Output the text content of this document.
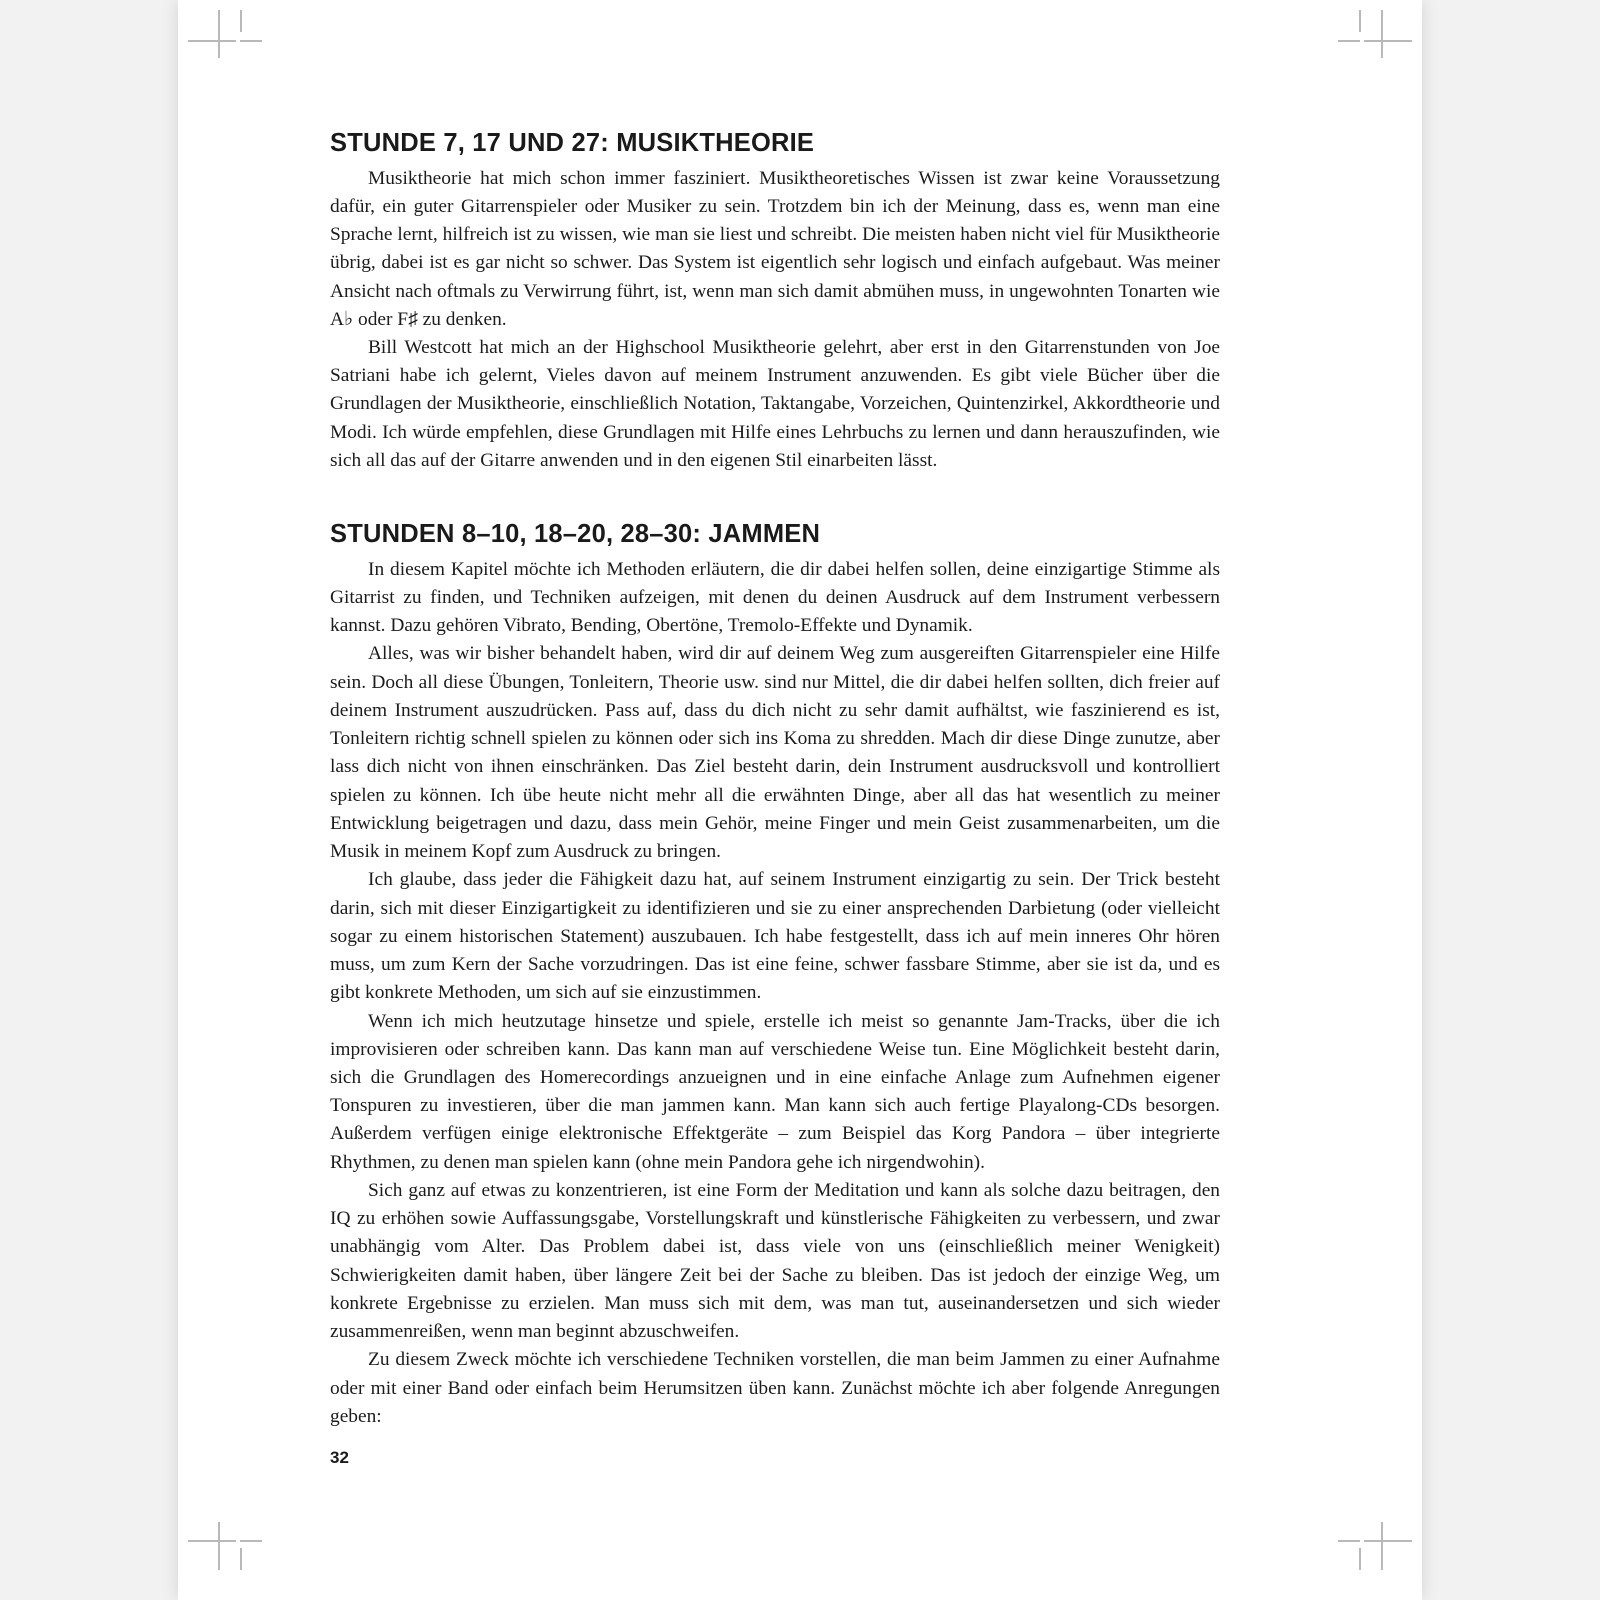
STUNDE 7, 17 UND 27: MUSIKTHEORIE

Musiktheorie hat mich schon immer fasziniert. Musiktheoretisches Wissen ist zwar keine Voraussetzung dafür, ein guter Gitarrenspieler oder Musiker zu sein. Trotzdem bin ich der Meinung, dass es, wenn man eine Sprache lernt, hilfreich ist zu wissen, wie man sie liest und schreibt. Die meisten haben nicht viel für Musiktheorie übrig, dabei ist es gar nicht so schwer. Das System ist eigentlich sehr logisch und einfach aufgebaut. Was meiner Ansicht nach oftmals zu Verwirrung führt, ist, wenn man sich damit abmühen muss, in ungewohnten Tonarten wie A♭ oder F♯ zu denken.

Bill Westcott hat mich an der Highschool Musiktheorie gelehrt, aber erst in den Gitarrenstunden von Joe Satriani habe ich gelernt, Vieles davon auf meinem Instrument anzuwenden. Es gibt viele Bücher über die Grundlagen der Musiktheorie, einschließlich Notation, Taktangabe, Vorzeichen, Quintenzirkel, Akkordtheorie und Modi. Ich würde empfehlen, diese Grundlagen mit Hilfe eines Lehrbuchs zu lernen und dann herauszufinden, wie sich all das auf der Gitarre anwenden und in den eigenen Stil einarbeiten lässt.

STUNDEN 8–10, 18–20, 28–30: JAMMEN

In diesem Kapitel möchte ich Methoden erläutern, die dir dabei helfen sollen, deine einzigartige Stimme als Gitarrist zu finden, und Techniken aufzeigen, mit denen du deinen Ausdruck auf dem Instrument verbessern kannst. Dazu gehören Vibrato, Bending, Obertöne, Tremolo-Effekte und Dynamik.

Alles, was wir bisher behandelt haben, wird dir auf deinem Weg zum ausgereiften Gitarrenspieler eine Hilfe sein. Doch all diese Übungen, Tonleitern, Theorie usw. sind nur Mittel, die dir dabei helfen sollten, dich freier auf deinem Instrument auszudrücken. Pass auf, dass du dich nicht zu sehr damit aufhältst, wie faszinierend es ist, Tonleitern richtig schnell spielen zu können oder sich ins Koma zu shredden. Mach dir diese Dinge zunutze, aber lass dich nicht von ihnen einschränken. Das Ziel besteht darin, dein Instrument ausdrucksvoll und kontrolliert spielen zu können. Ich übe heute nicht mehr all die erwähnten Dinge, aber all das hat wesentlich zu meiner Entwicklung beigetragen und dazu, dass mein Gehör, meine Finger und mein Geist zusammenarbeiten, um die Musik in meinem Kopf zum Ausdruck zu bringen.

Ich glaube, dass jeder die Fähigkeit dazu hat, auf seinem Instrument einzigartig zu sein. Der Trick besteht darin, sich mit dieser Einzigartigkeit zu identifizieren und sie zu einer ansprechenden Darbietung (oder vielleicht sogar zu einem historischen Statement) auszubauen. Ich habe festgestellt, dass ich auf mein inneres Ohr hören muss, um zum Kern der Sache vorzudringen. Das ist eine feine, schwer fassbare Stimme, aber sie ist da, und es gibt konkrete Methoden, um sich auf sie einzustimmen.

Wenn ich mich heutzutage hinsetze und spiele, erstelle ich meist so genannte Jam-Tracks, über die ich improvisieren oder schreiben kann. Das kann man auf verschiedene Weise tun. Eine Möglichkeit besteht darin, sich die Grundlagen des Homerecordings anzueignen und in eine einfache Anlage zum Aufnehmen eigener Tonspuren zu investieren, über die man jammen kann. Man kann sich auch fertige Playalong-CDs besorgen. Außerdem verfügen einige elektronische Effektgeräte – zum Beispiel das Korg Pandora – über integrierte Rhythmen, zu denen man spielen kann (ohne mein Pandora gehe ich nirgendwohin).

Sich ganz auf etwas zu konzentrieren, ist eine Form der Meditation und kann als solche dazu beitragen, den IQ zu erhöhen sowie Auffassungsgabe, Vorstellungskraft und künstlerische Fähigkeiten zu verbessern, und zwar unabhängig vom Alter. Das Problem dabei ist, dass viele von uns (einschließlich meiner Wenigkeit) Schwierigkeiten damit haben, über längere Zeit bei der Sache zu bleiben. Das ist jedoch der einzige Weg, um konkrete Ergebnisse zu erzielen. Man muss sich mit dem, was man tut, auseinandersetzen und sich wieder zusammenreißen, wenn man beginnt abzuschweifen.

Zu diesem Zweck möchte ich verschiedene Techniken vorstellen, die man beim Jammen zu einer Aufnahme oder mit einer Band oder einfach beim Herumsitzen üben kann. Zunächst möchte ich aber folgende Anregungen geben:

32
